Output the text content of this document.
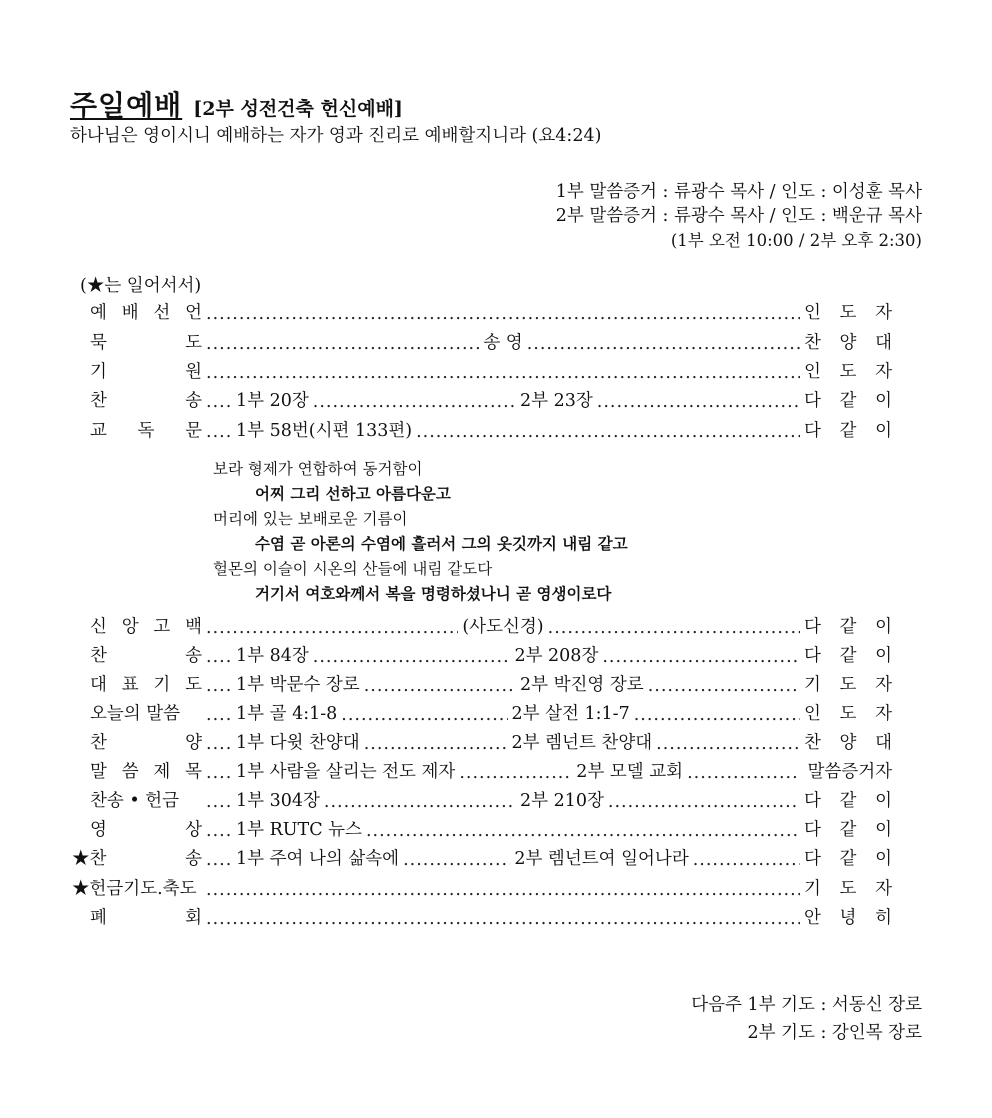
주일예배 [2부 성전건축 헌신예배]
하나님은 영이시니 예배하는 자가 영과 진리로 예배할지니라 (요4:24)
1부 말씀증거 : 류광수 목사 / 인도 : 이성훈 목사
2부 말씀증거 : 류광수 목사 / 인도 : 백운규 목사
(1부 오전 10:00 / 2부 오후 2:30)
(★는 일어서서)
예 배 선 언 .....	인 도 자
묵	도 .....	송 영 .....	찬 양 대
기	원 .....	인 도 자
찬	송 ..... 1부 20장 .....	2부 23장 .....	다 같 이
교 독 문 ..... 1부 58번(시편 133편) .....	다 같 이
신 앙 고 백 .....	(사도신경) .....	다 같 이
찬	송 ..... 1부 84장 .....	2부 208장 .....	다 같 이
대 표 기 도 ..... 1부 박문수 장로 .....	2부 박진영 장로 .....	기 도 자
오늘의 말씀 .....	1부 골 4:1-8 .....	2부 살전 1:1-7 .....	인 도 자
찬	양 ..... 1부 다윗 찬양대 .....	2부 렘넌트 찬양대 .....	찬 양 대
말 씀 제 목 ..... 1부 사람을 살리는 전도 제자 .....	2부 모델 교회 .....	말씀증거자
찬송 • 헌금 .....	1부 304장 .....	2부 210장 .....	다 같 이
영	상 ..... 1부 RUTC 뉴스 .....	다 같 이
★찬	송 ..... 1부 주여 나의 삶속에 .....	2부 렘넌트여 일어나라 .....	다 같 이
★헌금기도.축도 .....	기 도 자
폐	회 .....	안 녕 히
보라 형제가 연합하여 동거함이
어찌 그리 선하고 아름다운고
머리에 있는 보배로운 기름이
수염 곧 아론의 수염에 흘러서 그의 옷깃까지 내림 같고
헐몬의 이슬이 시온의 산들에 내림 같도다
거기서 여호와께서 복을 명령하셨나니 곧 영생이로다
다음주 1부 기도 : 서동신 장로
2부 기도 : 강인목 장로
